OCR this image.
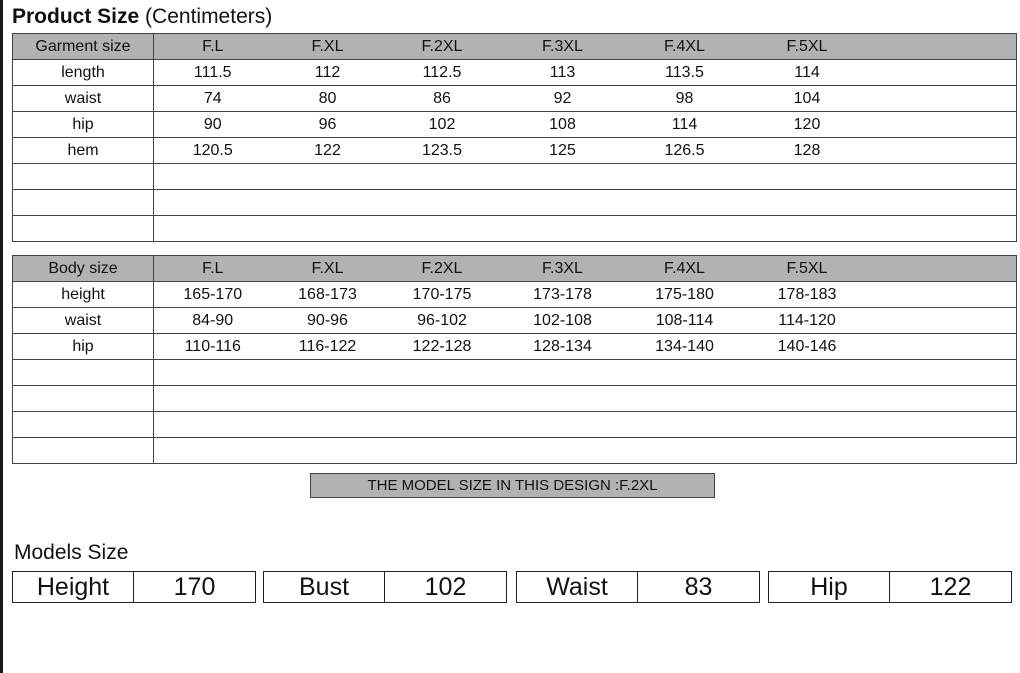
Product Size (Centimeters)
Garment size	F.L	F.XL	F.2XL	F.3XL	F.4XL	F.5XL	
length	111.5	112	112.5	113	113.5	114	
waist	74	80	86	92	98	104	
hip	90	96	102	108	114	120	
hem	120.5	122	123.5	125	126.5	128	

Body size	F.L	F.XL	F.2XL	F.3XL	F.4XL	F.5XL	
height	165-170	168-173	170-175	173-178	175-180	178-183	
waist	84-90	90-96	96-102	102-108	108-114	114-120	
hip	110-116	116-122	122-128	128-134	134-140	140-146	

THE MODEL SIZE IN THIS DESIGN :F.2XL
Models Size
Height	170	Bust	102	Waist	83	Hip	122
